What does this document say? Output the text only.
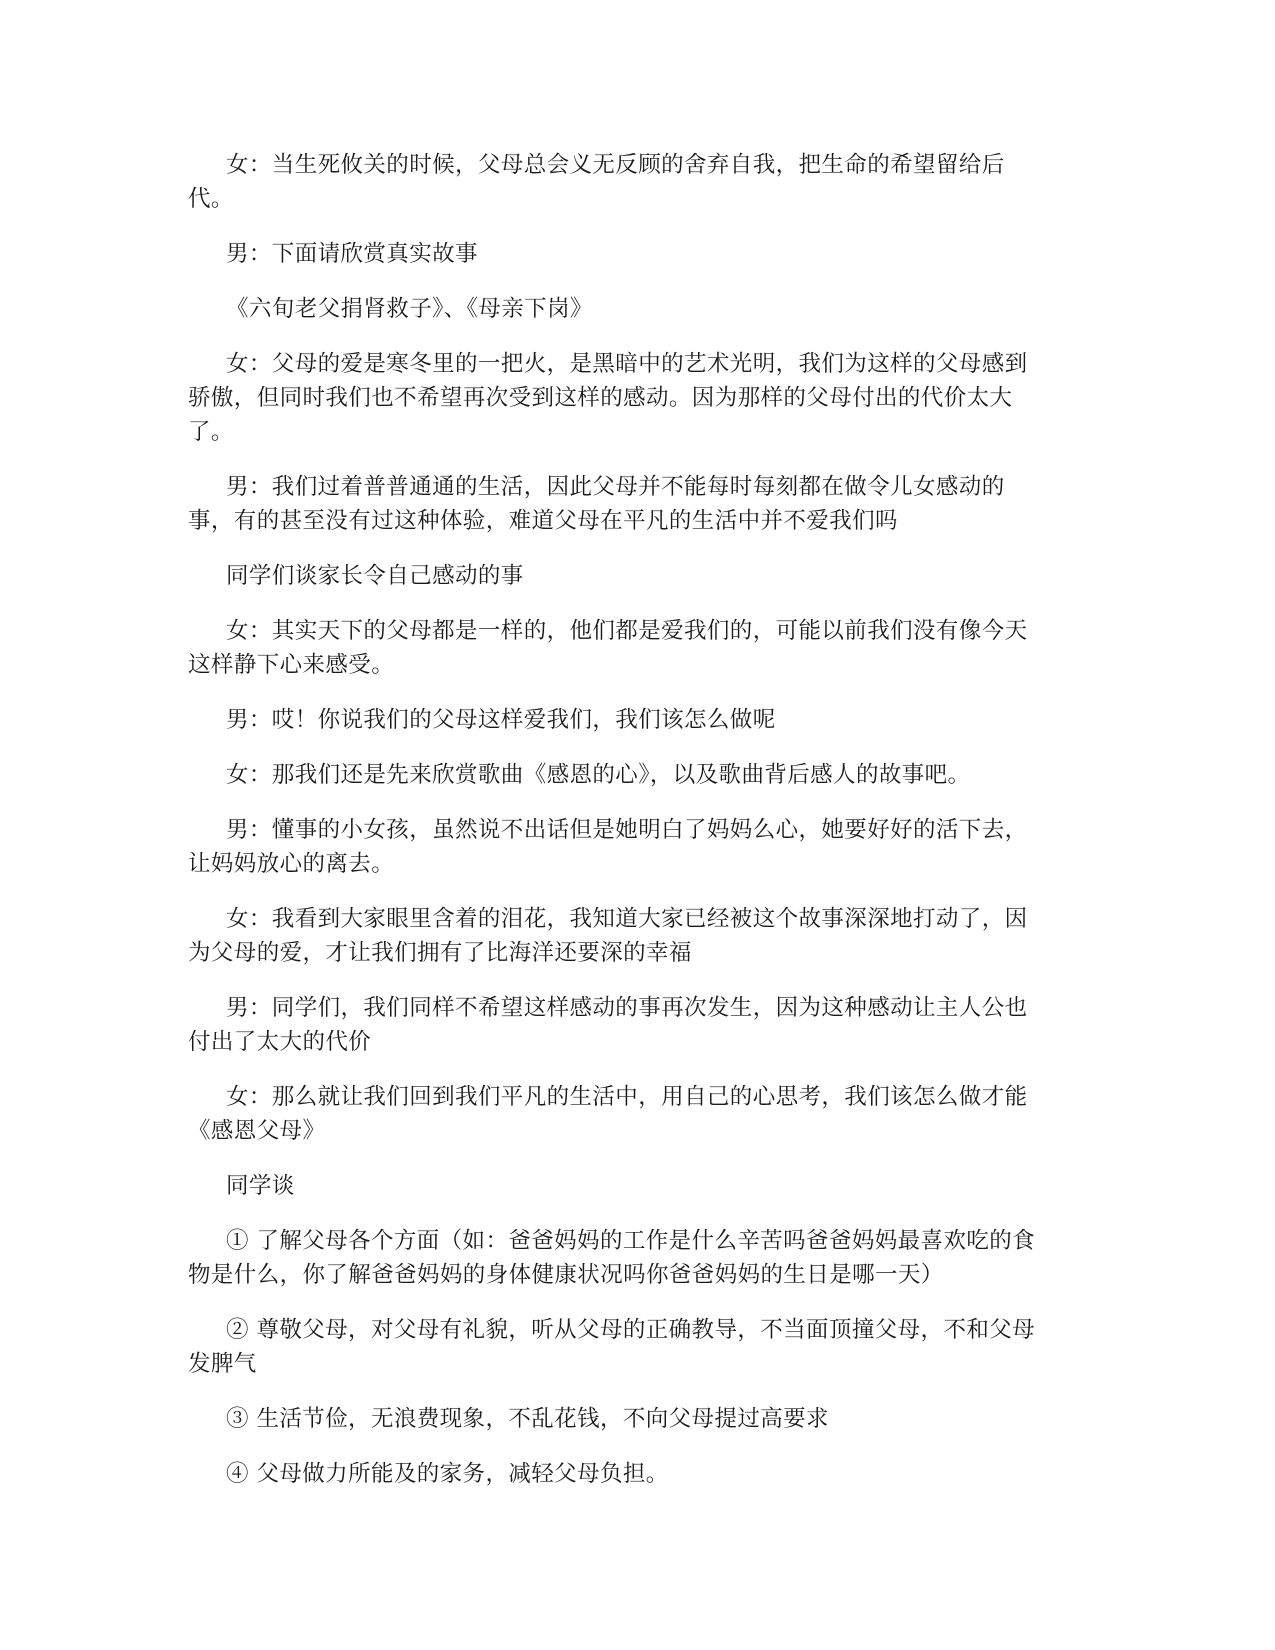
女：当生死攸关的时候，父母总会义无反顾的舍弃自我，把生命的希望留给后代。

男：下面请欣赏真实故事

《六旬老父捐肾救子》、《母亲下岗》

女：父母的爱是寒冬里的一把火，是黑暗中的艺术光明，我们为这样的父母感到骄傲，但同时我们也不希望再次受到这样的感动。因为那样的父母付出的代价太大了。

男：我们过着普普通通的生活，因此父母并不能每时每刻都在做令儿女感动的事，有的甚至没有过这种体验，难道父母在平凡的生活中并不爱我们吗

同学们谈家长令自己感动的事

女：其实天下的父母都是一样的，他们都是爱我们的，可能以前我们没有像今天这样静下心来感受。

男：哎！你说我们的父母这样爱我们，我们该怎么做呢

女：那我们还是先来欣赏歌曲《感恩的心》，以及歌曲背后感人的故事吧。

男：懂事的小女孩，虽然说不出话但是她明白了妈妈么心，她要好好的活下去，让妈妈放心的离去。

女：我看到大家眼里含着的泪花，我知道大家已经被这个故事深深地打动了，因为父母的爱，才让我们拥有了比海洋还要深的幸福

男：同学们，我们同样不希望这样感动的事再次发生，因为这种感动让主人公也付出了太大的代价

女：那么就让我们回到我们平凡的生活中，用自己的心思考，我们该怎么做才能《感恩父母》

同学谈

① 了解父母各个方面（如：爸爸妈妈的工作是什么辛苦吗爸爸妈妈最喜欢吃的食物是什么，你了解爸爸妈妈的身体健康状况吗你爸爸妈妈的生日是哪一天）

② 尊敬父母，对父母有礼貌，听从父母的正确教导，不当面顶撞父母，不和父母发脾气

③ 生活节俭，无浪费现象，不乱花钱，不向父母提过高要求

④ 父母做力所能及的家务，减轻父母负担。
